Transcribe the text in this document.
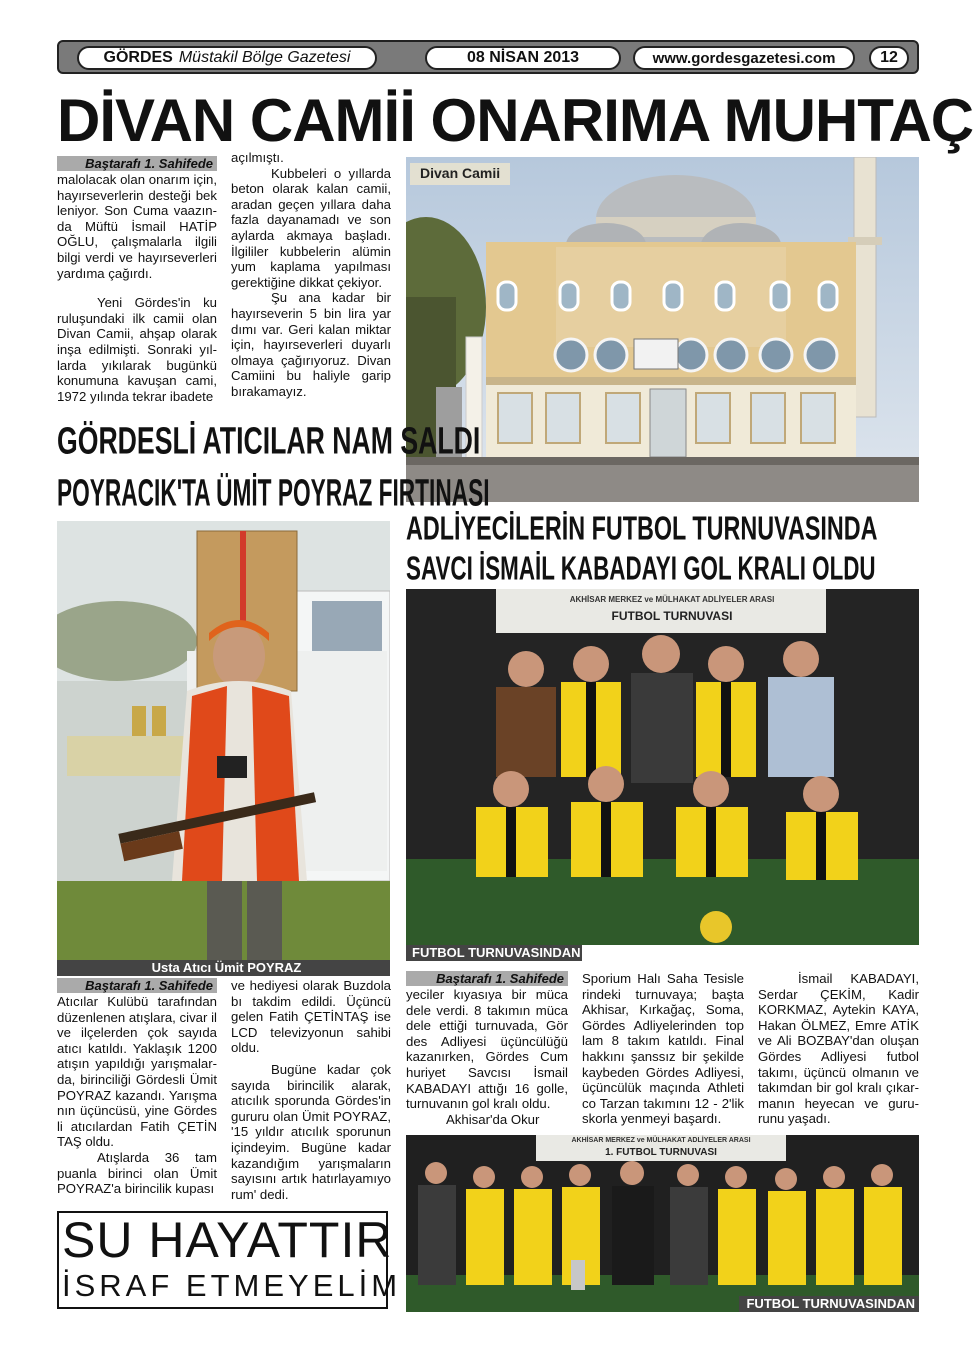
GÖRDES Müstakil Bölge Gazetesi	08 NİSAN 2013	www.gordesgazetesi.com	12
DİVAN CAMİİ ONARIMA MUHTAÇ
Baştarafı 1. Sahifede

malolacak olan onarım için, hayırseverlerin desteği bek leniyor. Son Cuma vaazın- da Müftü İsmail HATİP OĞLU, çalışmalarla ilgili bilgi verdi ve hayırseverleri yardıma çağırdı.

Yeni Gördes'in ku ruluşundaki ilk camii olan Divan Camii, ahşap olarak inşa edilmişti. Sonraki yıl- larda yıkılarak bugünkü konumuna kavuşan cami, 1972 yılında tekrar ibadete

açılmıştı.

Kubbeleri o yıllarda beton olarak kalan camii, aradan geçen yıllara daha fazla dayanamadı ve son aylarda akmaya başladı. İlgililer kubbelerin alümin yum kaplama yapılması gerektiğine dikkat çekiyor.

Şu ana kadar bir hayırseverin 5 bin lira yar dımı var. Geri kalan miktar için, hayırseverleri duyarlı olmaya çağırıyoruz. Divan Camiini bu haliyle garip bırakamayız.

Divan Camii
GÖRDESLİ ATICILAR NAM SALDI
POYRACIK'TA ÜMİT POYRAZ FIRTINASI
Usta Atıcı Ümit POYRAZ
Baştarafı 1. Sahifede

Atıcılar Kulübü tarafından düzenlenen atışlara, civar il ve ilçelerden çok sayıda atıcı katıldı. Yaklaşık 1200 atışın yapıldığı yarışmalar- da, birinciliği Gördesli Ümit POYRAZ kazandı. Yarışma nın üçüncüsü, yine Gördes li atıcılardan Fatih ÇETİN TAŞ oldu.

Atışlarda 36 tam puanla birinci olan Ümit POYRAZ'a birincilik kupası

ve hediyesi olarak Buzdola bı takdim edildi. Üçüncü gelen Fatih ÇETİNTAŞ ise LCD televizyonun sahibi oldu.

Bugüne kadar çok sayıda birincilik alarak, atıcılık sporunda Gördes'in gururu olan Ümit POYRAZ, '15 yıldır atıcılık sporunun içindeyim. Bugüne kadar kazandığım yarışmaların sayısını artık hatırlayamıyo rum' dedi.

ADLİYECİLERİN FUTBOL TURNUVASINDA
SAVCI İSMAİL KABADAYI GOL KRALI OLDU
AKHİSAR MERKEZ ve MÜLHAKAT ADLİYELER ARASI
FUTBOL TURNUVASI
FUTBOL TURNUVASINDAN
Baştarafı 1. Sahifede

yeciler kıyasıya bir müca dele verdi. 8 takımın müca dele ettiği turnuvada, Gör des Adliyesi üçüncülüğü kazanırken, Gördes Cum huriyet Savcısı İsmail KABADAYI attığı 16 golle, turnuvanın gol kralı oldu.

Akhisar'da Okur

Sporium Halı Saha Tesisle rindeki turnuvaya; başta Akhisar, Kırkağaç, Soma, Gördes Adliyelerinden top lam 8 takım katıldı. Final hakkını şanssız bir şekilde kaybeden Gördes Adliyesi, üçüncülük maçında Athleti co Tarzan takımını 12 - 2'lik skorla yenmeyi başardı.

İsmail KABADAYI, Serdar ÇEKİM, Kadir KORKMAZ, Aytekin KAYA, Hakan ÖLMEZ, Emre ATİK ve Ali BOZBAY'dan oluşan Gördes Adliyesi futbol takımı, üçüncü olmanın ve takımdan bir gol kralı çıkar- manın heyecan ve guru- runu yaşadı.

AKHİSAR MERKEZ ve MÜLHAKAT ADLİYELER ARASI
1. FUTBOL TURNUVASI
FUTBOL TURNUVASINDAN
SU HAYATTIR
İSRAF ETMEYELİM
